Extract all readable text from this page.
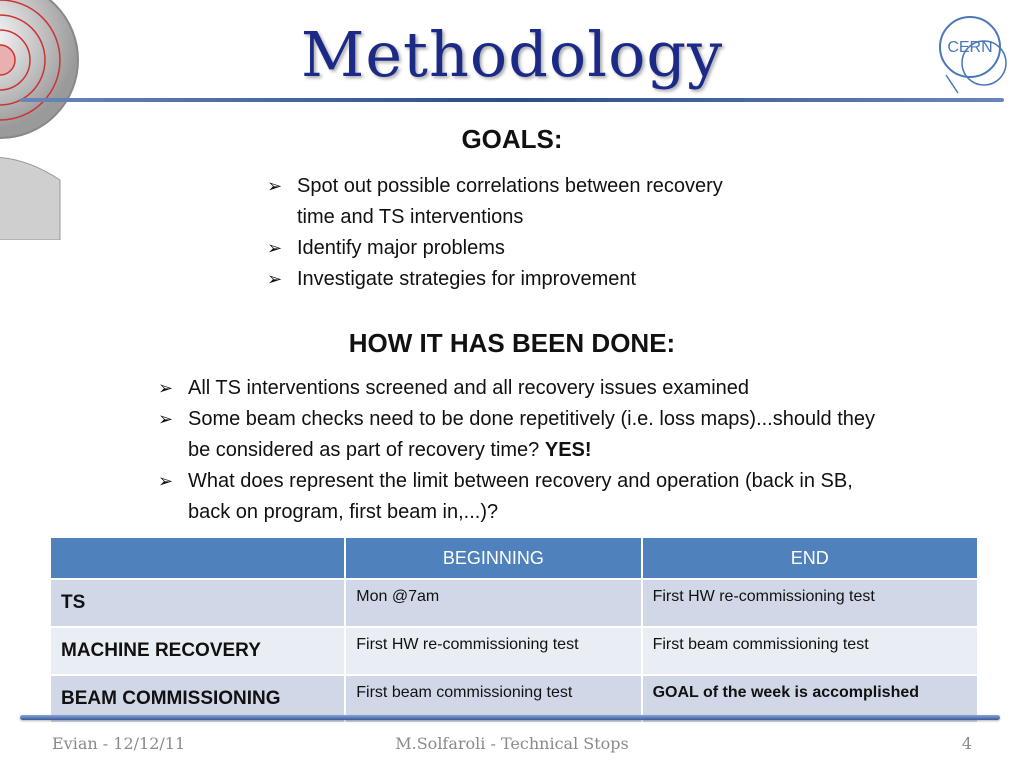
CERN
Methodology
GOALS:
➢ Spot out possible correlations between recovery time and TS interventions
➢ Identify major problems
➢ Investigate strategies for improvement
HOW IT HAS BEEN DONE:
➢ All TS interventions screened and all recovery issues examined
➢ Some beam checks need to be done repetitively (i.e. loss maps)...should they be considered as part of recovery time? YES!
➢ What does represent the limit between recovery and operation (back in SB, back on program, first beam in,...)?
	BEGINNING	END
TS	Mon @7am	First HW re-commissioning test
MACHINE RECOVERY	First HW re-commissioning test	First beam commissioning test
BEAM COMMISSIONING	First beam commissioning test	GOAL of the week is accomplished
Evian - 12/12/11	M.Solfaroli - Technical Stops	4
